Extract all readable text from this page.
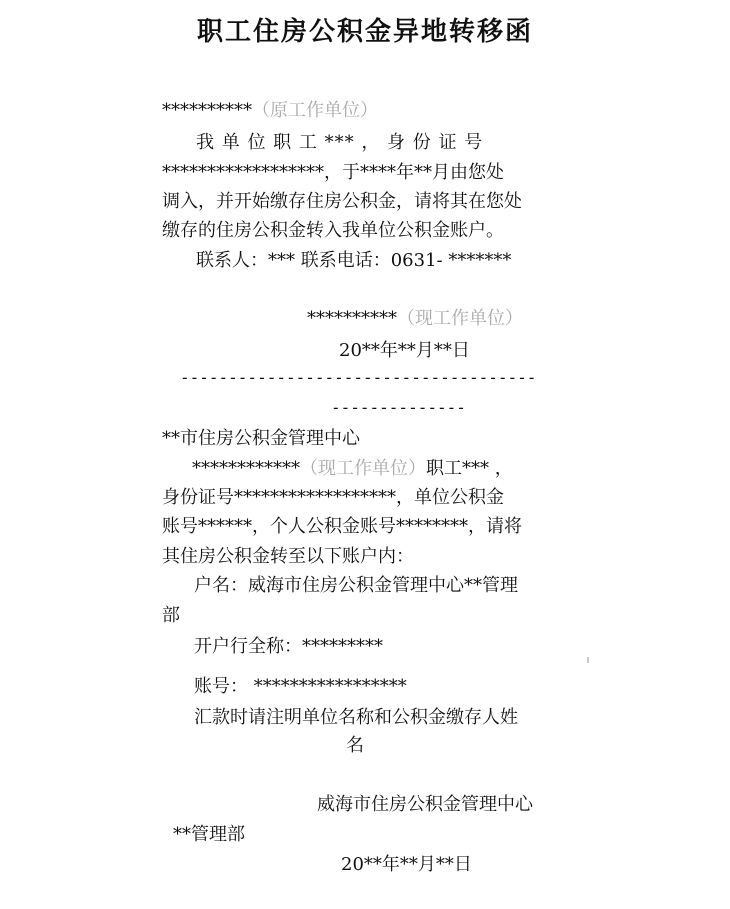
职工住房公积金异地转移函
**********（原工作单位）
我 单 位 职 工 *** ， 身 份 证 号
******************，于****年**月由您处
调入，并开始缴存住房公积金，请将其在您处
缴存的住房公积金转入我单位公积金账户。
联系人：*** 联系电话：0631- *******
**********（现工作单位）
20**年**月**日
-------------------------------------
--------------
**市住房公积金管理中心
************（现工作单位）职工*** ，
身份证号******************，单位公积金
账号******，个人公积金账号********，请将
其住房公积金转至以下账户内：
户名：威海市住房公积金管理中心**管理
部
开户行全称：*********
账号： *****************
汇款时请注明单位名称和公积金缴存人姓
名
威海市住房公积金管理中心
**管理部
20**年**月**日
